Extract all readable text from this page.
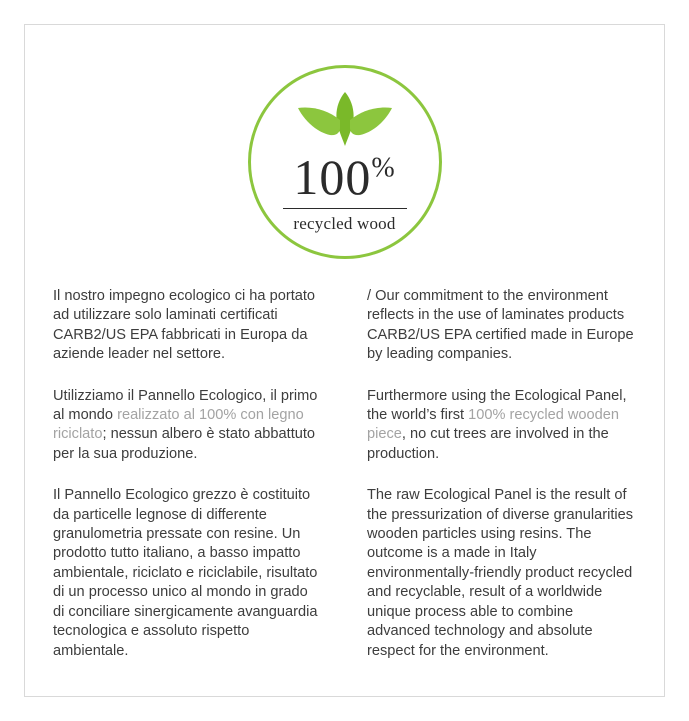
100%
recycled wood

Il nostro impegno ecologico ci ha portato ad utilizzare solo laminati certificati CARB2/US EPA fabbricati in Europa da aziende leader nel settore.

Utilizziamo il Pannello Ecologico, il primo al mondo realizzato al 100% con legno riciclato; nessun albero è stato abbattuto per la sua produzione.

Il Pannello Ecologico grezzo è costituito da particelle legnose di differente granulometria pressate con resine. Un prodotto tutto italiano, a basso impatto ambientale, riciclato e riciclabile, risultato di un processo unico al mondo in grado di conciliare sinergicamente avanguardia tecnologica e assoluto rispetto ambientale.

/ Our commitment to the environment reflects in the use of laminates products CARB2/US EPA certified made in Europe by leading companies.

Furthermore using the Ecological Panel, the world’s first 100% recycled wooden piece, no cut trees are involved in the production.

The raw Ecological Panel is the result of the pressurization of diverse granularities wooden particles using resins. The outcome is a made in Italy environmentally-friendly product recycled and recyclable, result of a worldwide unique process able to combine advanced technology and absolute respect for the environment.
